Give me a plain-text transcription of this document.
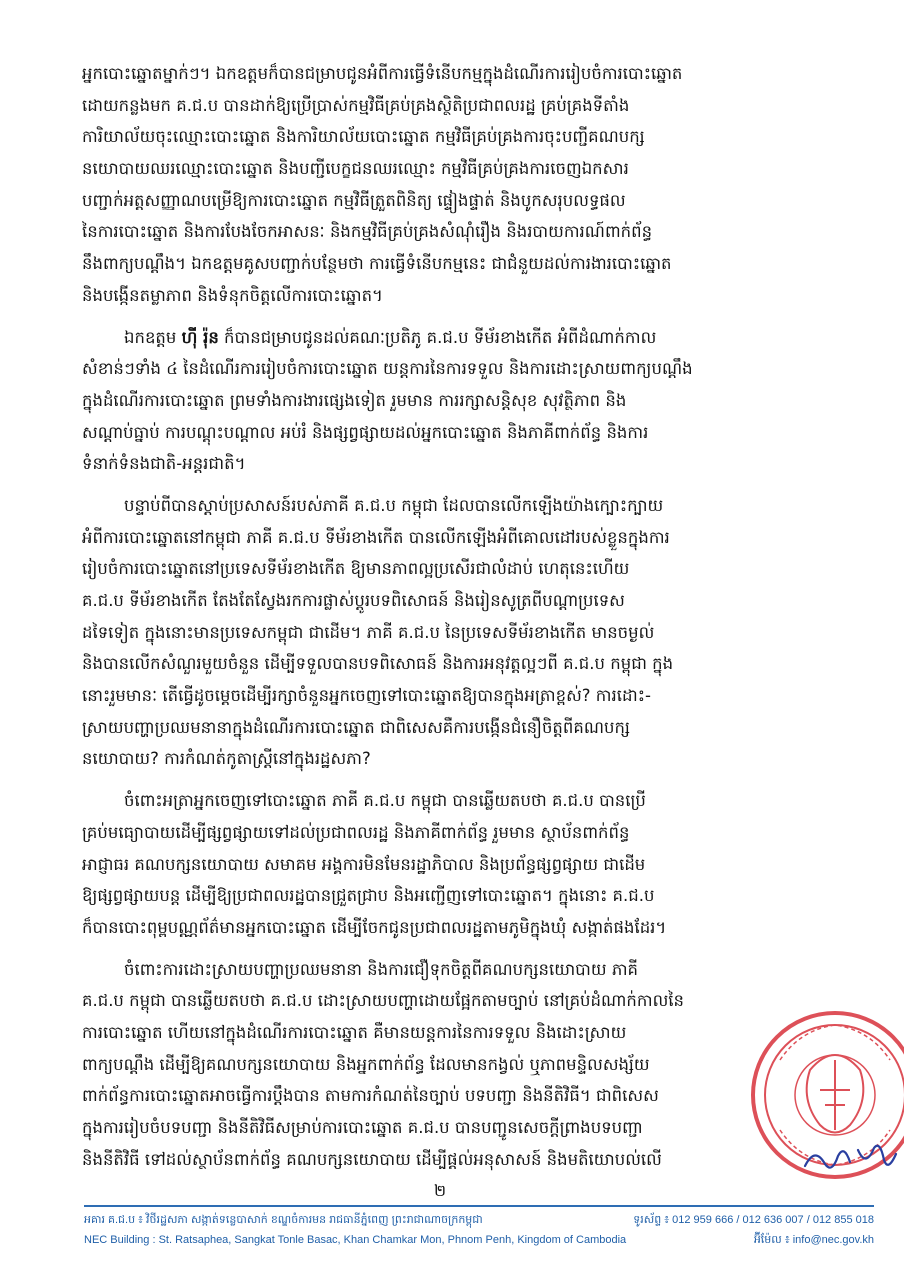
អ្នកបោះឆ្នោតម្នាក់ៗ។ ឯកឧត្តមក៏បានជម្រាបជូនអំពីការធ្វើទំនើបកម្មក្នុងដំណើរការរៀបចំការបោះឆ្នោត
ដោយកន្លងមក គ.ជ.ប បានដាក់ឱ្យប្រើប្រាស់កម្មវិធីគ្រប់គ្រងស្ថិតិប្រជាពលរដ្ឋ គ្រប់គ្រងទីតាំង
ការិយាល័យចុះឈ្មោះបោះឆ្នោត និងការិយាល័យបោះឆ្នោត កម្មវិធីគ្រប់គ្រងការចុះបញ្ជីគណបក្ស
នយោបាយឈរឈ្មោះបោះឆ្នោត និងបញ្ជីបេក្ខជនឈរឈ្មោះ កម្មវិធីគ្រប់គ្រងការចេញឯកសារ
បញ្ជាក់អត្តសញ្ញាណបម្រើឱ្យការបោះឆ្នោត កម្មវិធីត្រួតពិនិត្យ ផ្ទៀងផ្ទាត់ និងបូកសរុបលទ្ធផល
នៃការបោះឆ្នោត និងការបែងចែកអាសនៈ និងកម្មវិធីគ្រប់គ្រងសំណុំរឿង និងរបាយការណ៍ពាក់ព័ន្ធ
នឹងពាក្យបណ្ដឹង។ ឯកឧត្តមគូសបញ្ជាក់បន្ថែមថា ការធ្វើទំនើបកម្មនេះ ជាជំនួយដល់ការងារបោះឆ្នោត
និងបង្កើនតម្លាភាព និងទំនុកចិត្តលើការបោះឆ្នោត។
ឯកឧត្តម ហ៊ី រ៉ុន ក៏បានជម្រាបជូនដល់គណៈប្រតិភូ គ.ជ.ប ទីម័រខាងកើត អំពីដំណាក់កាល
សំខាន់ៗទាំង ៤ នៃដំណើរការរៀបចំការបោះឆ្នោត យន្តការនៃការទទួល និងការដោះស្រាយពាក្យបណ្ដឹង
ក្នុងដំណើរការបោះឆ្នោត ព្រមទាំងការងារផ្សេងទៀត រួមមាន ការរក្សាសន្តិសុខ សុវត្ថិភាព និង
សណ្ដាប់ធ្នាប់ ការបណ្ដុះបណ្ដាល អប់រំ និងផ្សព្វផ្សាយដល់អ្នកបោះឆ្នោត និងភាគីពាក់ព័ន្ធ និងការ
ទំនាក់ទំនងជាតិ-អន្តរជាតិ។
បន្ទាប់ពីបានស្ដាប់ប្រសាសន៍របស់ភាគី គ.ជ.ប កម្ពុជា ដែលបានលើកឡើងយ៉ាងក្បោះក្បាយ
អំពីការបោះឆ្នោតនៅកម្ពុជា ភាគី គ.ជ.ប ទីម័រខាងកើត បានលើកឡើងអំពីគោលដៅរបស់ខ្លួនក្នុងការ
រៀបចំការបោះឆ្នោតនៅប្រទេសទីម័រខាងកើត ឱ្យមានភាពល្អប្រសើរជាលំដាប់ ហេតុនេះហើយ
គ.ជ.ប ទីម័រខាងកើត តែងតែស្វែងរកការផ្លាស់ប្ដូរបទពិសោធន៍ និងរៀនសូត្រពីបណ្ដាប្រទេស
ដទៃទៀត ក្នុងនោះមានប្រទេសកម្ពុជា ជាដើម។ ភាគី គ.ជ.ប នៃប្រទេសទីម័រខាងកើត មានចម្ងល់
និងបានលើកសំណួរមួយចំនួន ដើម្បីទទួលបានបទពិសោធន៍ និងការអនុវត្តល្អៗពី គ.ជ.ប កម្ពុជា ក្នុង
នោះរួមមានៈ តើធ្វើដូចម្ដេចដើម្បីរក្សាចំនួនអ្នកចេញទៅបោះឆ្នោតឱ្យបានក្នុងអត្រាខ្ពស់? ការដោះ-
ស្រាយបញ្ហាប្រឈមនានាក្នុងដំណើរការបោះឆ្នោត ជាពិសេសគឺការបង្កើនជំនឿចិត្តពីគណបក្ស
នយោបាយ? ការកំណត់កូតាស្ត្រីនៅក្នុងរដ្ឋសភា?
ចំពោះអត្រាអ្នកចេញទៅបោះឆ្នោត ភាគី គ.ជ.ប កម្ពុជា បានឆ្លើយតបថា គ.ជ.ប បានប្រើ
គ្រប់មធ្យោបាយដើម្បីផ្សព្វផ្សាយទៅដល់ប្រជាពលរដ្ឋ និងភាគីពាក់ព័ន្ធ រួមមាន ស្ថាប័នពាក់ព័ន្ធ
អាជ្ញាធរ គណបក្សនយោបាយ សមាគម អង្គការមិនមែនរដ្ឋាភិបាល និងប្រព័ន្ធផ្សព្វផ្សាយ ជាដើម
ឱ្យផ្សព្វផ្សាយបន្ត ដើម្បីឱ្យប្រជាពលរដ្ឋបានជ្រួតជ្រាប និងអញ្ជើញទៅបោះឆ្នោត។ ក្នុងនោះ គ.ជ.ប
ក៏បានបោះពុម្ពបណ្ណព័ត៌មានអ្នកបោះឆ្នោត ដើម្បីចែកជូនប្រជាពលរដ្ឋតាមភូមិក្នុងឃុំ សង្កាត់ផងដែរ។
ចំពោះការដោះស្រាយបញ្ហាប្រឈមនានា និងការជឿទុកចិត្តពីគណបក្សនយោបាយ ភាគី
គ.ជ.ប កម្ពុជា បានឆ្លើយតបថា គ.ជ.ប ដោះស្រាយបញ្ហាដោយផ្អែកតាមច្បាប់ នៅគ្រប់ដំណាក់កាលនៃ
ការបោះឆ្នោត ហើយនៅក្នុងដំណើរការបោះឆ្នោត គឺមានយន្តការនៃការទទួល និងដោះស្រាយ
ពាក្យបណ្ដឹង ដើម្បីឱ្យគណបក្សនយោបាយ និងអ្នកពាក់ព័ន្ធ ដែលមានកង្វល់ ឬភាពមន្ទិលសង្ស័យ
ពាក់ព័ន្ធការបោះឆ្នោតអាចធ្វើការប្ដឹងបាន តាមការកំណត់នៃច្បាប់ បទបញ្ជា និងនីតិវិធី។ ជាពិសេស
ក្នុងការរៀបចំបទបញ្ជា និងនីតិវិធីសម្រាប់ការបោះឆ្នោត គ.ជ.ប បានបញ្ជូនសេចក្ដីព្រាងបទបញ្ជា
និងនីតិវិធី ទៅដល់ស្ថាប័នពាក់ព័ន្ធ គណបក្សនយោបាយ ដើម្បីផ្ដល់អនុសាសន៍ និងមតិយោបល់លើ
២
អគារ គ.ជ.ប ៖ វិថីរដ្ឋសភា សង្កាត់ទន្លេបាសាក់ ខណ្ឌចំការមន រាជធានីភ្នំពេញ ព្រះរាជាណាចក្រកម្ពុជា
NEC Building : St. Ratsaphea, Sangkat Tonle Basac, Khan Chamkar Mon, Phnom Penh, Kingdom of Cambodia
ទូរស័ព្ទ ៖ 012 959 666 / 012 636 007 / 012 855 018
អ៊ីម៉ែល ៖ info@nec.gov.kh
